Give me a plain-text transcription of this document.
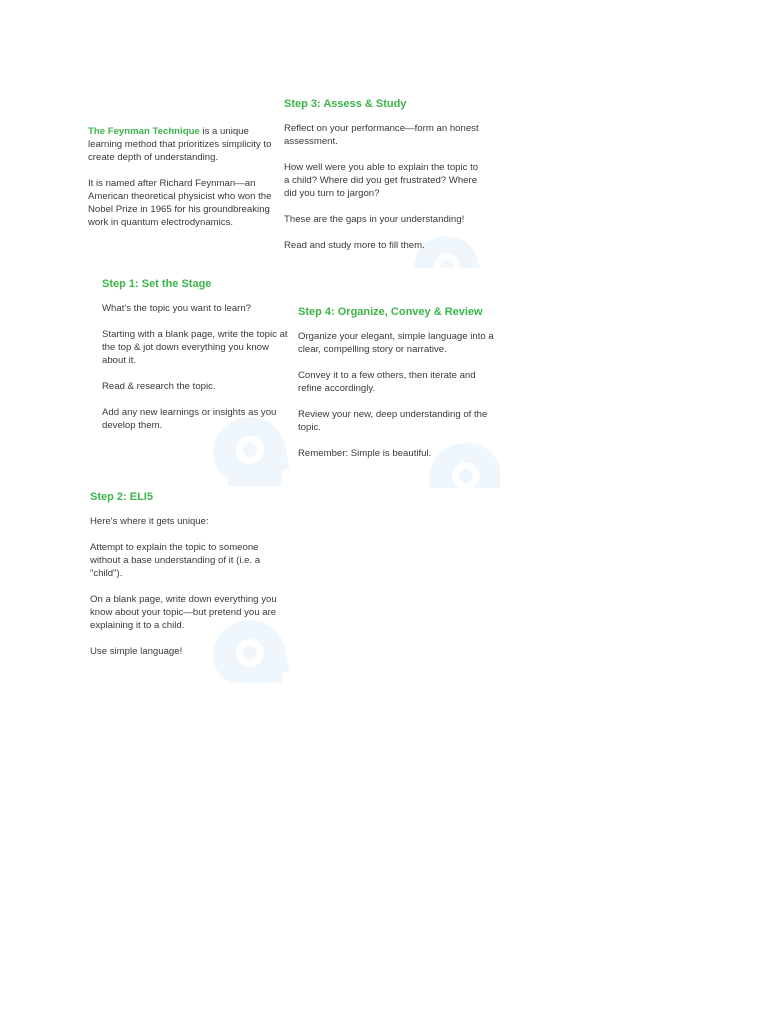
The Feynman Technique is a unique learning method that prioritizes simplicity to create depth of understanding.

It is named after Richard Feynman—an American theoretical physicist who won the Nobel Prize in 1965 for his groundbreaking work in quantum electrodynamics.

Step 3: Assess & Study

Reflect on your performance—form an honest assessment.

How well were you able to explain the topic to a child? Where did you get frustrated? Where did you turn to jargon?

These are the gaps in your understanding!

Read and study more to fill them.

Step 1: Set the Stage

What's the topic you want to learn?

Starting with a blank page, write the topic at the top & jot down everything you know about it.

Read & research the topic.

Add any new learnings or insights as you develop them.

Step 4: Organize, Convey & Review

Organize your elegant, simple language into a clear, compelling story or narrative.

Convey it to a few others, then iterate and refine accordingly.

Review your new, deep understanding of the topic.

Remember: Simple is beautiful.

Step 2: ELI5

Here's where it gets unique:

Attempt to explain the topic to someone without a base understanding of it (i.e. a "child").

On a blank page, write down everything you know about your topic—but pretend you are explaining it to a child.

Use simple language!
